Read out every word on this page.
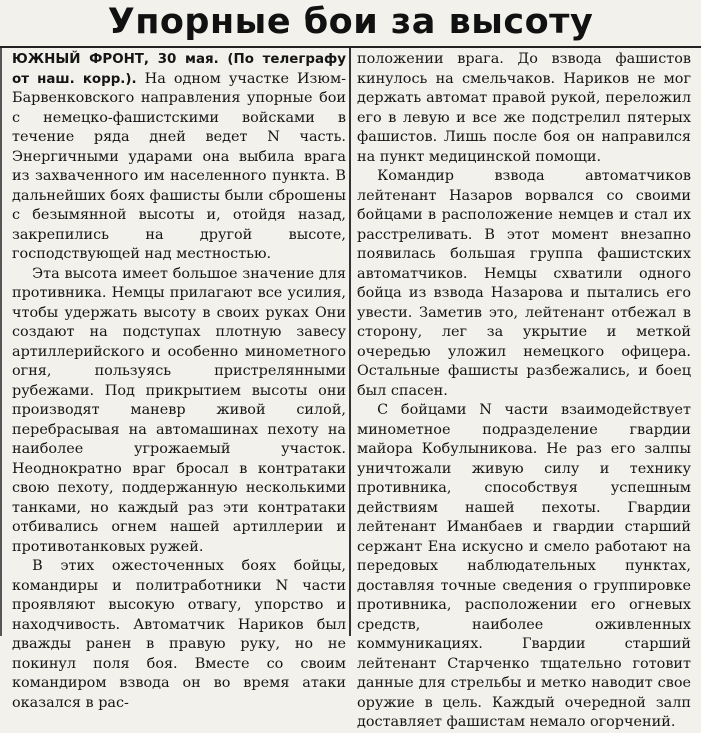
Упорные бои за высоту

ЮЖНЫЙ ФРОНТ, 30 мая. (По телеграфу от наш. корр.). На одном участке Изюм-Барвенковского направления упорные бои с немецко-фашистскими войсками в течение ряда дней ведет N часть. Энергичными ударами она выбила врага из захваченного им населенного пункта. В дальнейших боях фашисты были сброшены с безымянной высоты и, отойдя назад, закрепились на другой высоте, господствующей над местностью.

Эта высота имеет большое значение для противника. Немцы прилагают все усилия, чтобы удержать высоту в своих руках Они создают на подступах плотную завесу артиллерийского и особенно минометного огня, пользуясь пристрелянными рубежами. Под прикрытием высоты они производят маневр живой силой, перебрасывая на автомашинах пехоту на наиболее угрожаемый участок. Неоднократно враг бросал в контратаки свою пехоту, поддержанную несколькими танками, но каждый раз эти контратаки отбивались огнем нашей артиллерии и противотанковых ружей.

В этих ожесточенных боях бойцы, командиры и политработники N части проявляют высокую отвагу, упорство и находчивость. Автоматчик Нариков был дважды ранен в правую руку, но не покинул поля боя. Вместе со своим командиром взвода он во время атаки оказался в рас-

положении врага. До взвода фашистов кинулось на смельчаков. Нариков не мог держать автомат правой рукой, переложил его в левую и все же подстрелил пятерых фашистов. Лишь после боя он направился на пункт медицинской помощи.

Командир взвода автоматчиков лейтенант Назаров ворвался со своими бойцами в расположение немцев и стал их расстреливать. В этот момент внезапно появилась большая группа фашистских автоматчиков. Немцы схватили одного бойца из взвода Назарова и пытались его увести. Заметив это, лейтенант отбежал в сторону, лег за укрытие и меткой очередью уложил немецкого офицера. Остальные фашисты разбежались, и боец был спасен.

С бойцами N части взаимодействует минометное подразделение гвардии майора Кобулыникова. Не раз его залпы уничтожали живую силу и технику противника, способствуя успешным действиям нашей пехоты. Гвардии лейтенант Иманбаев и гвардии старший сержант Ена искусно и смело работают на передовых наблюдательных пунктах, доставляя точные сведения о группировке противника, расположении его огневых средств, наиболее оживленных коммуникациях. Гвардии старший лейтенант Старченко тщательно готовит данные для стрельбы и метко наводит свое оружие в цель. Каждый очередной залп доставляет фашистам немало огорчений.
